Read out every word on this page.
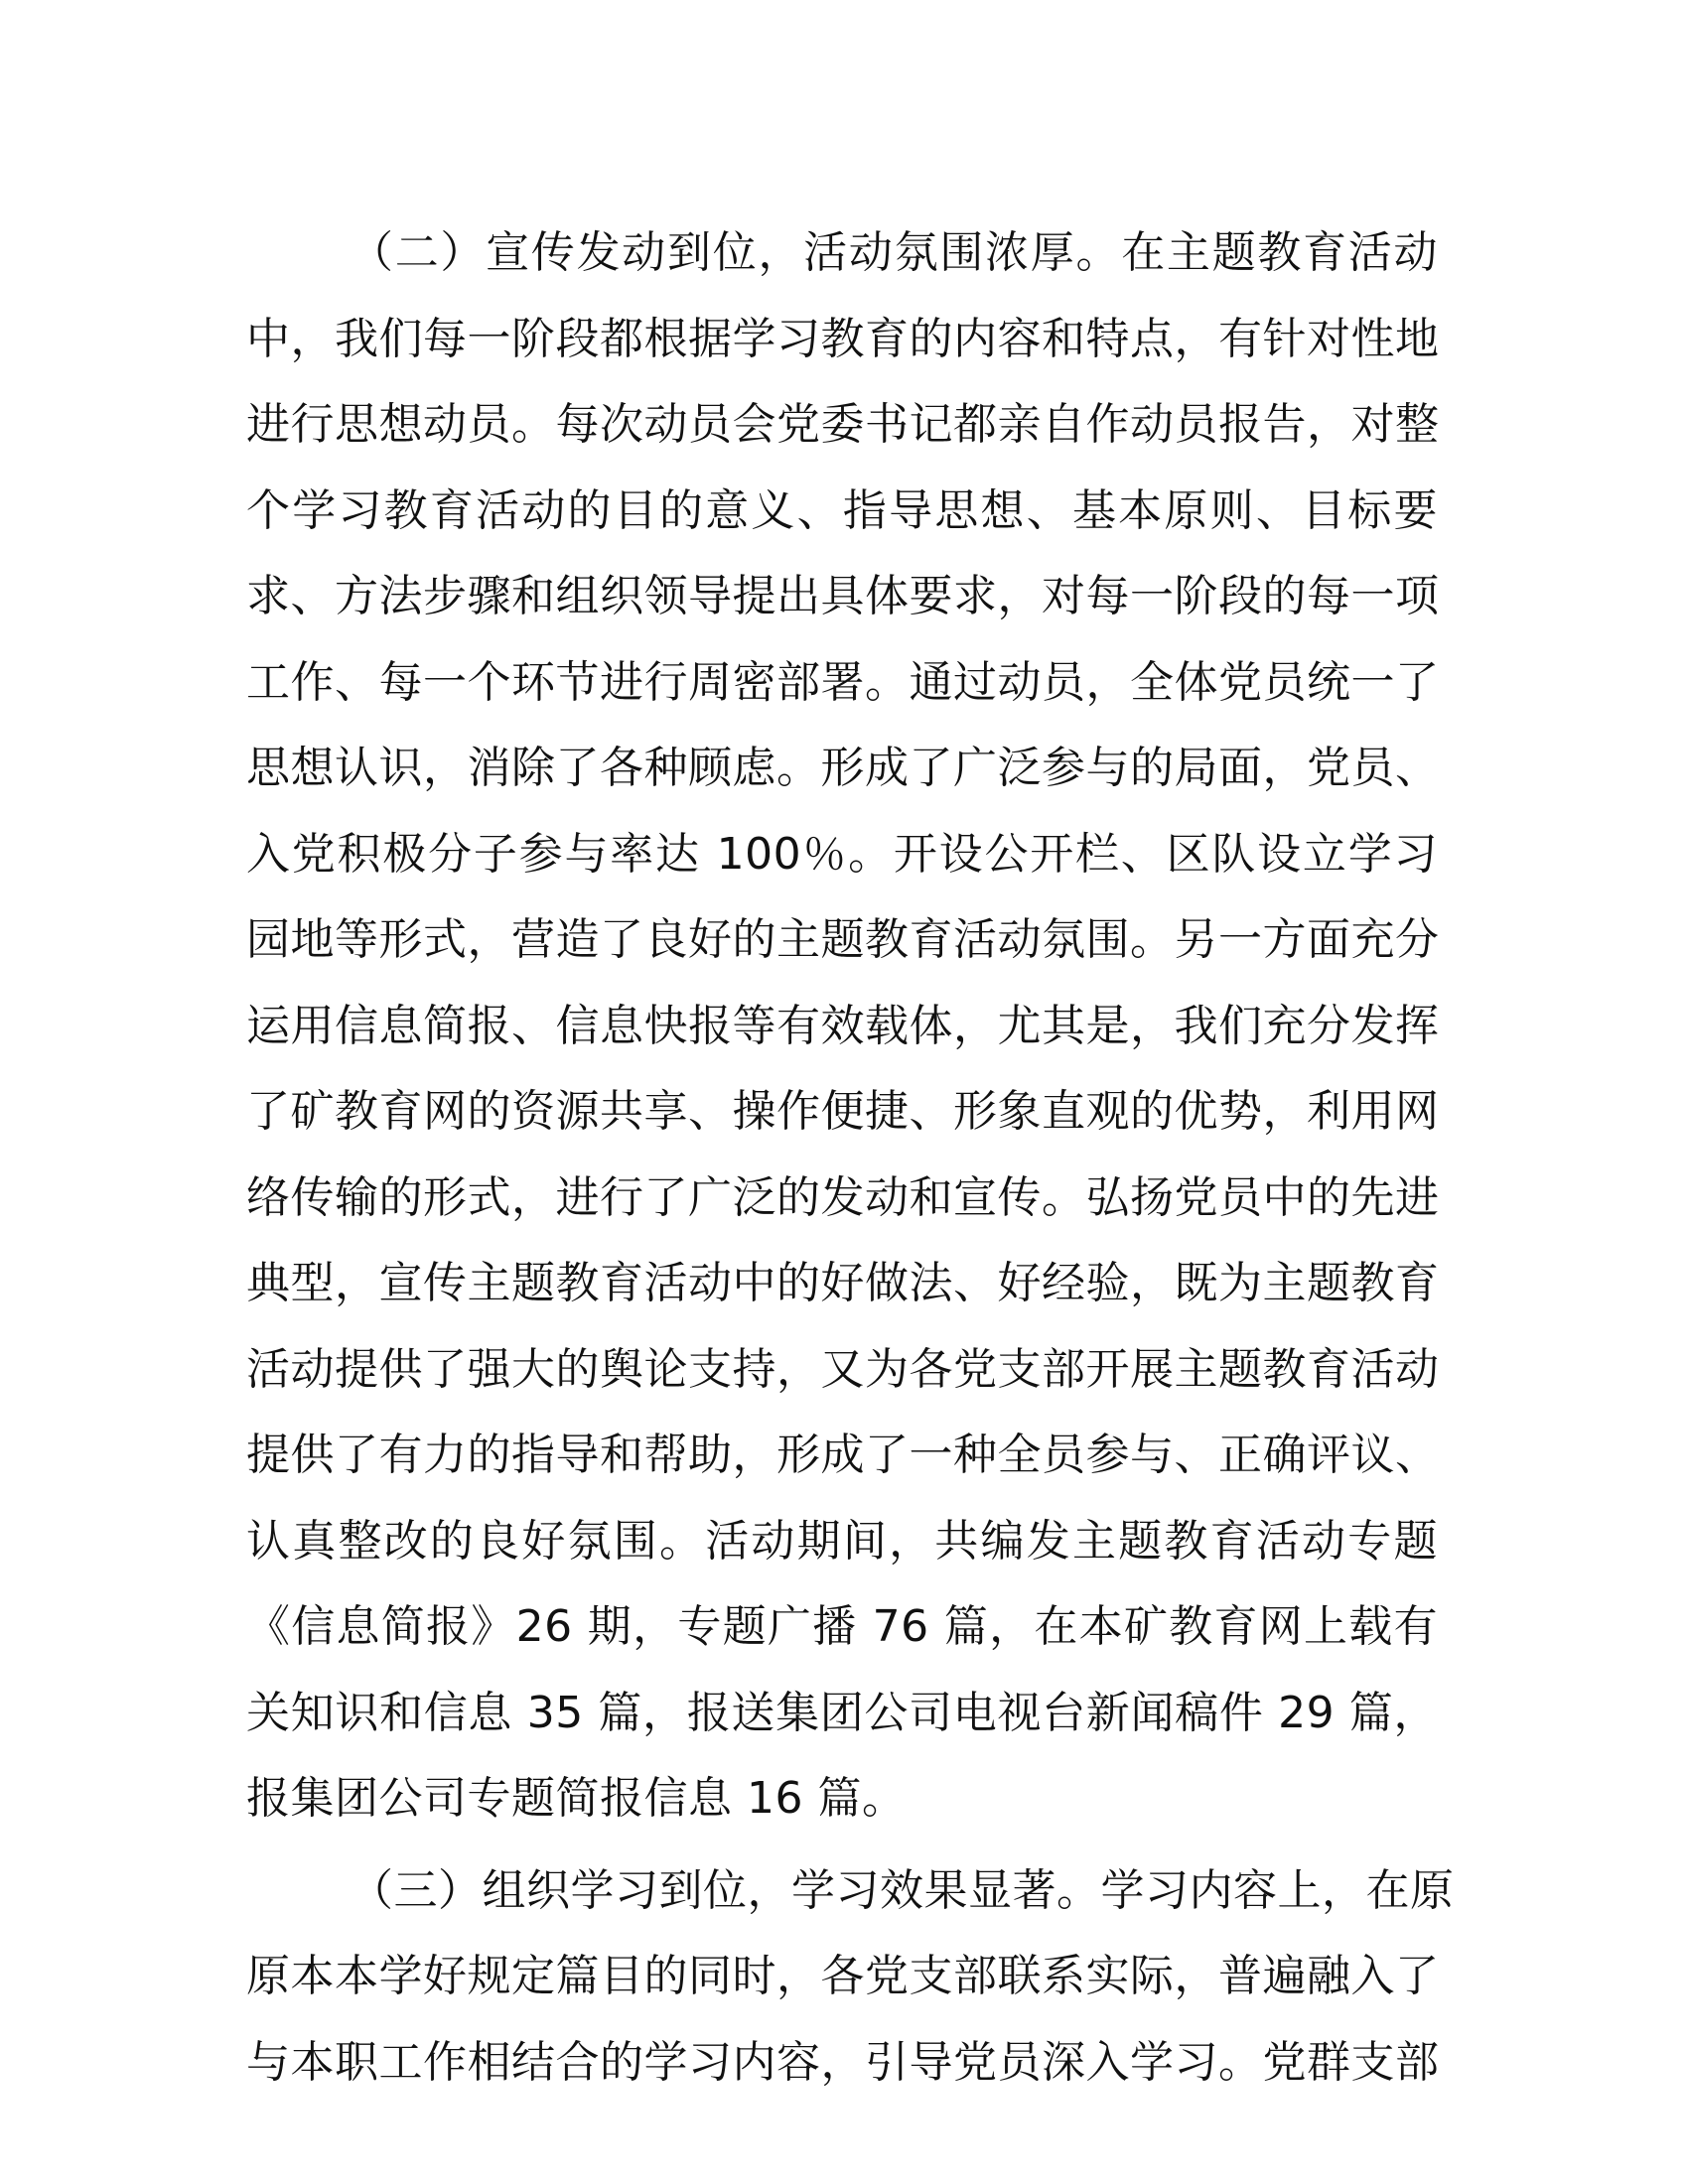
（二）宣传发动到位，活动氛围浓厚。在主题教育活动
中，我们每一阶段都根据学习教育的内容和特点，有针对性地
进行思想动员。每次动员会党委书记都亲自作动员报告，对整
个学习教育活动的目的意义、指导思想、基本原则、目标要
求、方法步骤和组织领导提出具体要求，对每一阶段的每一项
工作、每一个环节进行周密部署。通过动员，全体党员统一了
思想认识，消除了各种顾虑。形成了广泛参与的局面，党员、
入党积极分子参与率达 100％。开设公开栏、区队设立学习
园地等形式，营造了良好的主题教育活动氛围。另一方面充分
运用信息简报、信息快报等有效载体，尤其是，我们充分发挥
了矿教育网的资源共享、操作便捷、形象直观的优势，利用网
络传输的形式，进行了广泛的发动和宣传。弘扬党员中的先进
典型，宣传主题教育活动中的好做法、好经验，既为主题教育
活动提供了强大的舆论支持，又为各党支部开展主题教育活动
提供了有力的指导和帮助，形成了一种全员参与、正确评议、
认真整改的良好氛围。活动期间，共编发主题教育活动专题
《信息简报》26 期，专题广播 76 篇，在本矿教育网上载有
关知识和信息 35 篇，报送集团公司电视台新闻稿件 29 篇，
报集团公司专题简报信息 16 篇。
（三）组织学习到位，学习效果显著。学习内容上，在原
原本本学好规定篇目的同时，各党支部联系实际，普遍融入了
与本职工作相结合的学习内容，引导党员深入学习。党群支部
